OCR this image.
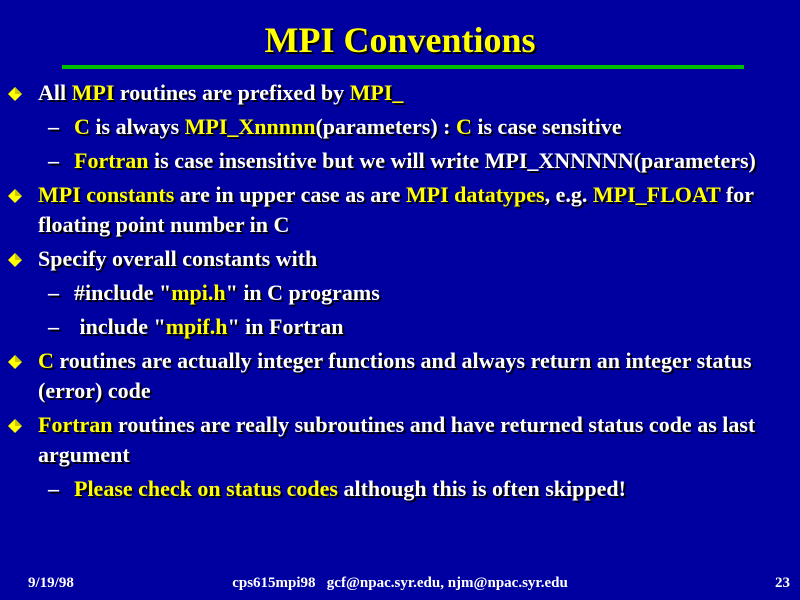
MPI Conventions
All MPI routines are prefixed by MPI_
– C is always MPI_Xnnnnn(parameters) : C is case sensitive
– Fortran is case insensitive but we will write MPI_XNNNNN(parameters)
MPI constants are in upper case as are MPI datatypes, e.g. MPI_FLOAT for floating point number in C
Specify overall constants with
– #include "mpi.h" in C programs
– include "mpif.h" in Fortran
C routines are actually integer functions and always return an integer status (error) code
Fortran routines are really subroutines and have returned status code as last argument
– Please check on status codes although this is often skipped!
9/19/98	cps615mpi98   gcf@npac.syr.edu, njm@npac.syr.edu	23
